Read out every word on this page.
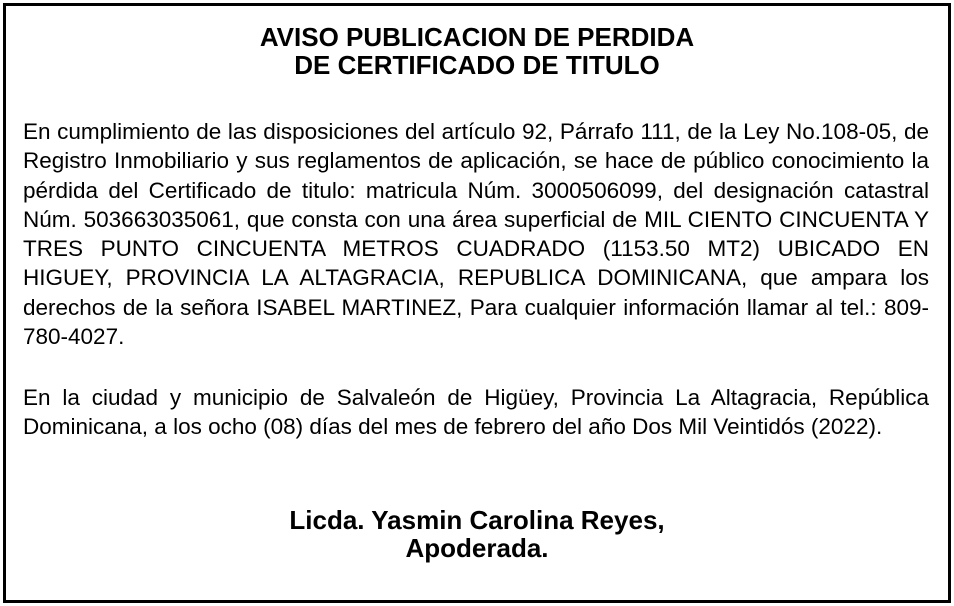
AVISO PUBLICACION DE PERDIDA
DE CERTIFICADO DE TITULO
En cumplimiento de las disposiciones del artículo 92, Párrafo 111, de la Ley No.108-05, de Registro Inmobiliario y sus reglamentos de aplicación, se hace de público conocimiento la pérdida del Certificado de titulo: matricula Núm. 3000506099, del designación catastral Núm. 503663035061, que consta con una área superficial de MIL CIENTO CINCUENTA Y TRES PUNTO CINCUENTA METROS CUADRADO (1153.50 MT2) UBICADO EN HIGUEY, PROVINCIA LA ALTAGRACIA, REPUBLICA DOMINICANA, que ampara los derechos de la señora ISABEL MARTINEZ, Para cualquier información llamar al tel.: 809-780-4027.
En la ciudad y municipio de Salvaleón de Higüey, Provincia La Altagracia, República Dominicana, a los ocho (08) días del mes de febrero del año Dos Mil Veintidós (2022).
Licda. Yasmin Carolina Reyes,
Apoderada.
